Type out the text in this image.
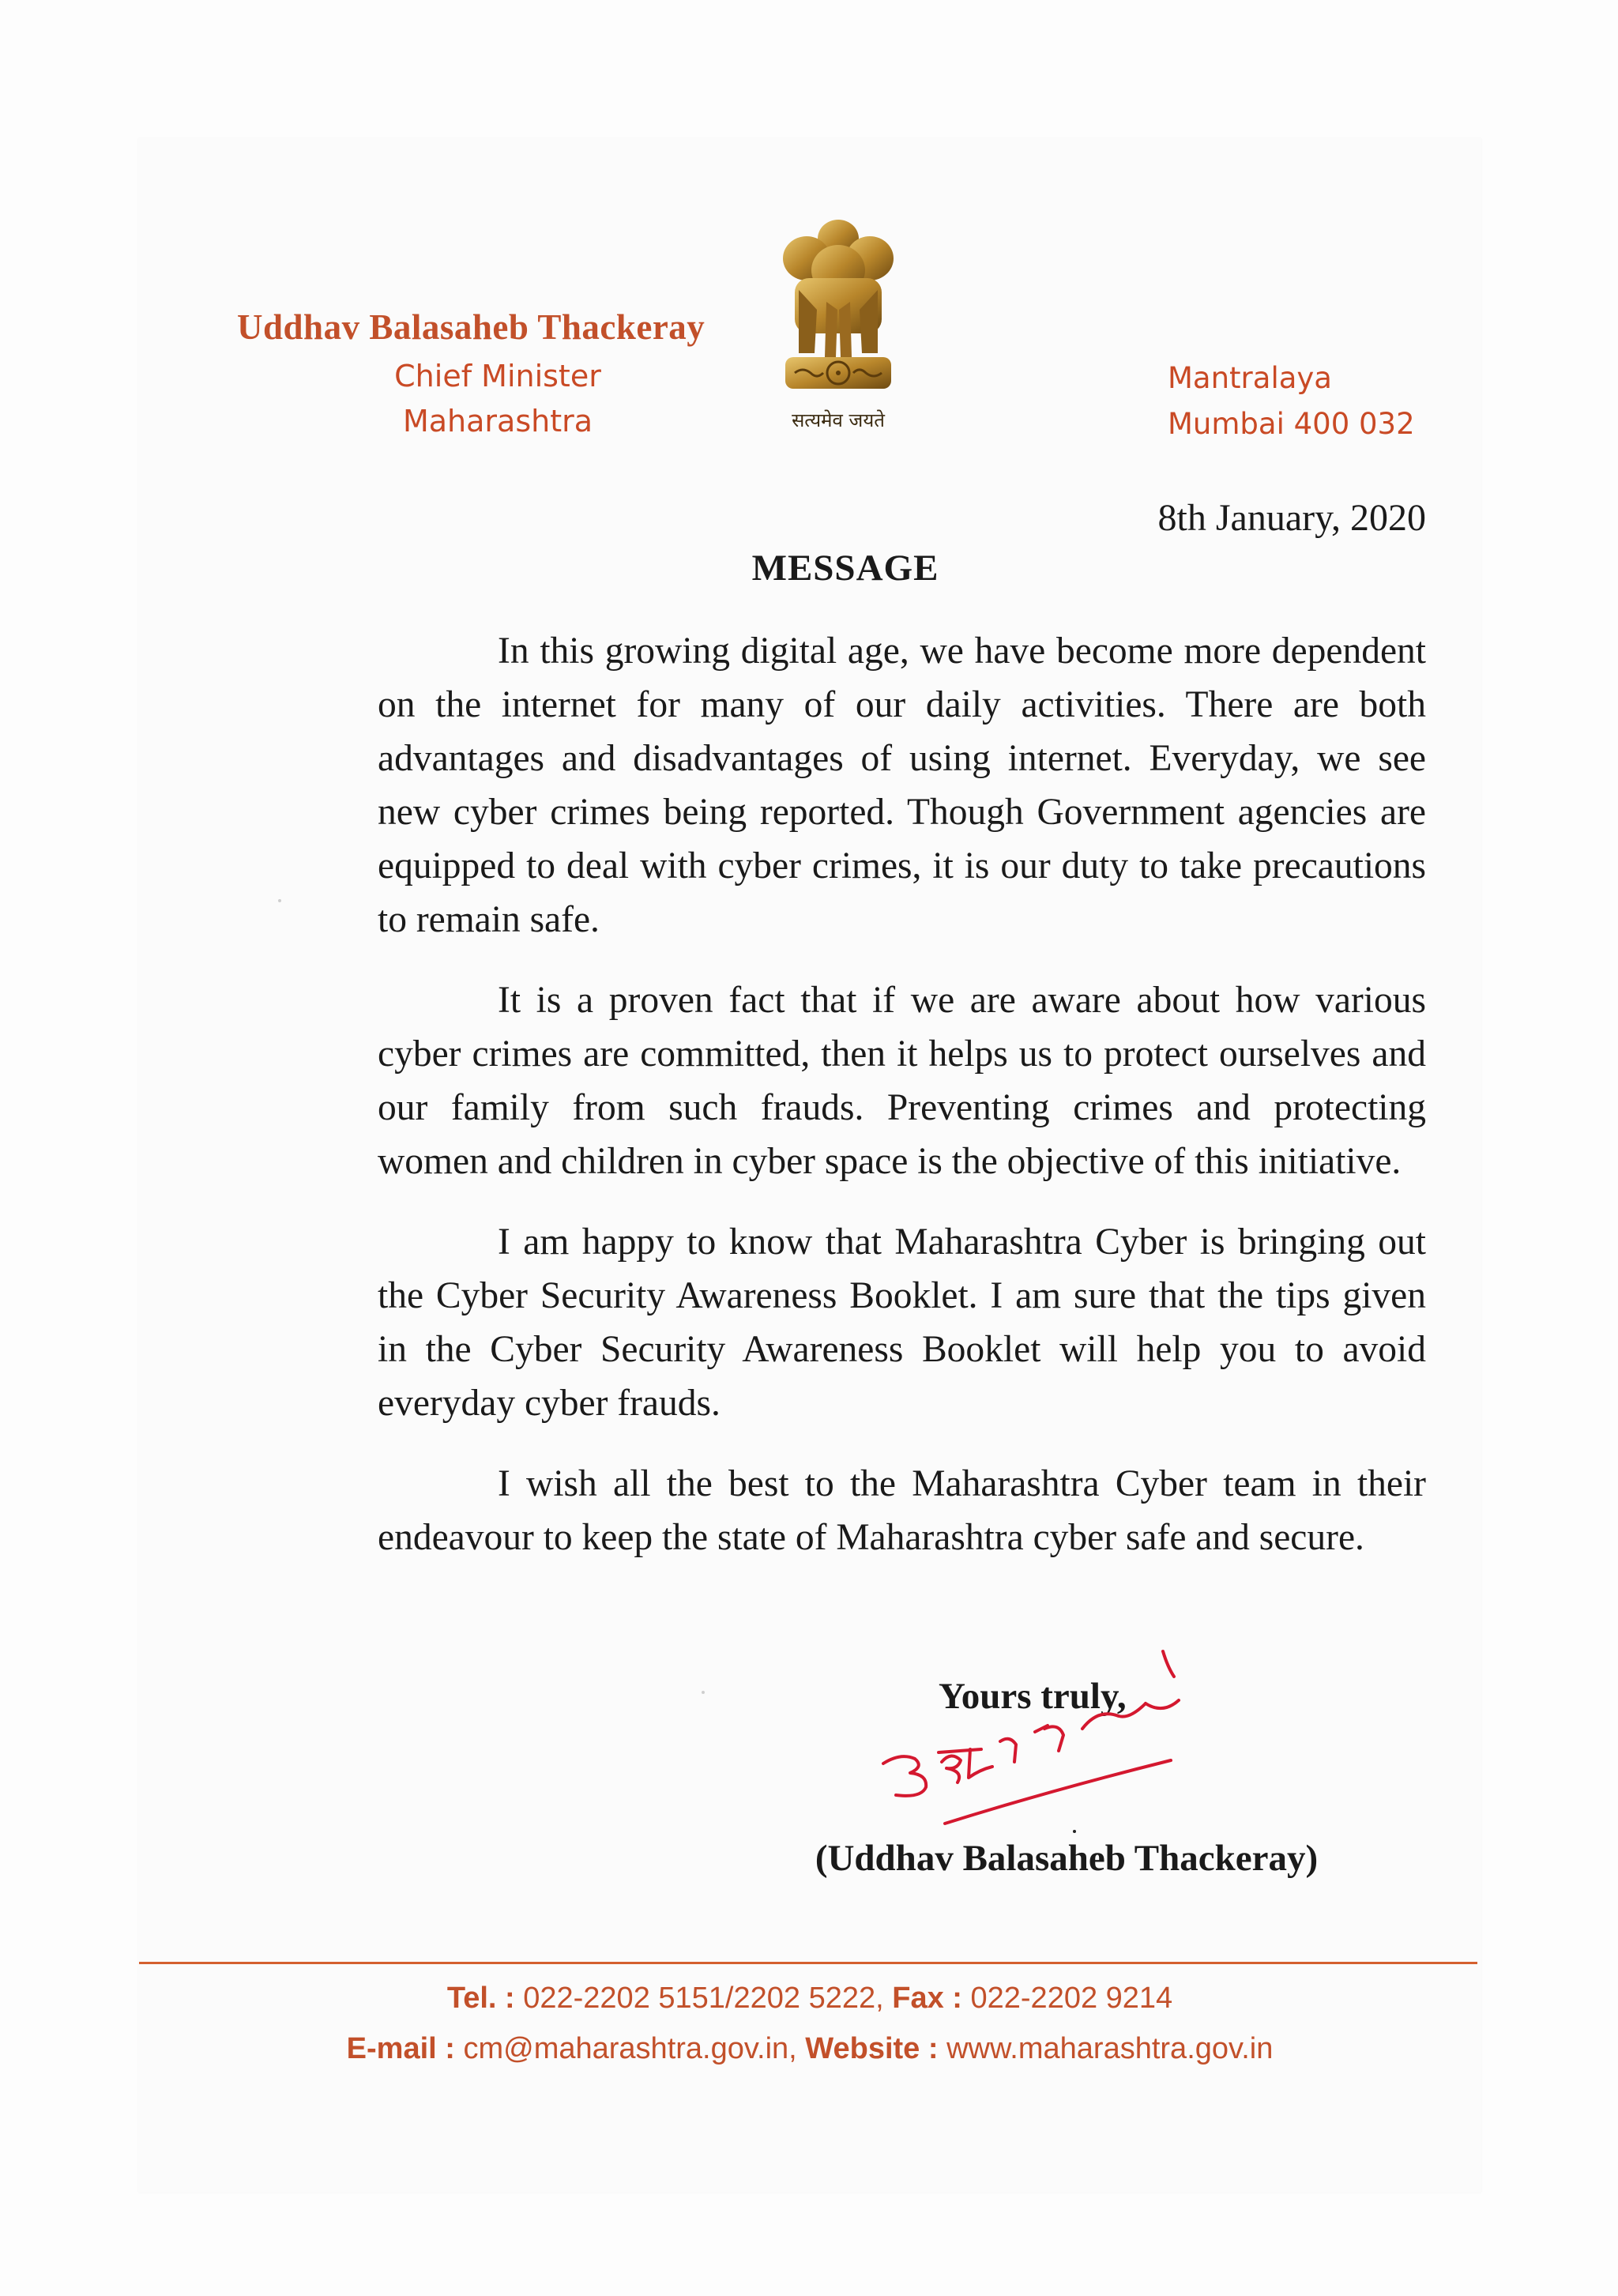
Uddhav Balasaheb Thackeray
Chief Minister
Maharashtra	सत्यमेव जयते
Mantralaya
Mumbai 400 032
8th January, 2020
MESSAGE

In this growing digital age, we have become more dependent on the internet for many of our daily activities. There are both advantages and disadvantages of using internet. Everyday, we see new cyber crimes being reported. Though Government agencies are equipped to deal with cyber crimes, it is our duty to take precautions to remain safe.

It is a proven fact that if we are aware about how various cyber crimes are committed, then it helps us to protect ourselves and our family from such frauds. Preventing crimes and protecting women and children in cyber space is the objective of this initiative.

I am happy to know that Maharashtra Cyber is bringing out the Cyber Security Awareness Booklet. I am sure that the tips given in the Cyber Security Awareness Booklet will help you to avoid everyday cyber frauds.

I wish all the best to the Maharashtra Cyber team in their endeavour to keep the state of Maharashtra cyber safe and secure.

Yours truly,
(Uddhav Balasaheb Thackeray)
Tel. : 022-2202 5151/2202 5222, Fax : 022-2202 9214
E-mail : cm@maharashtra.gov.in, Website : www.maharashtra.gov.in
